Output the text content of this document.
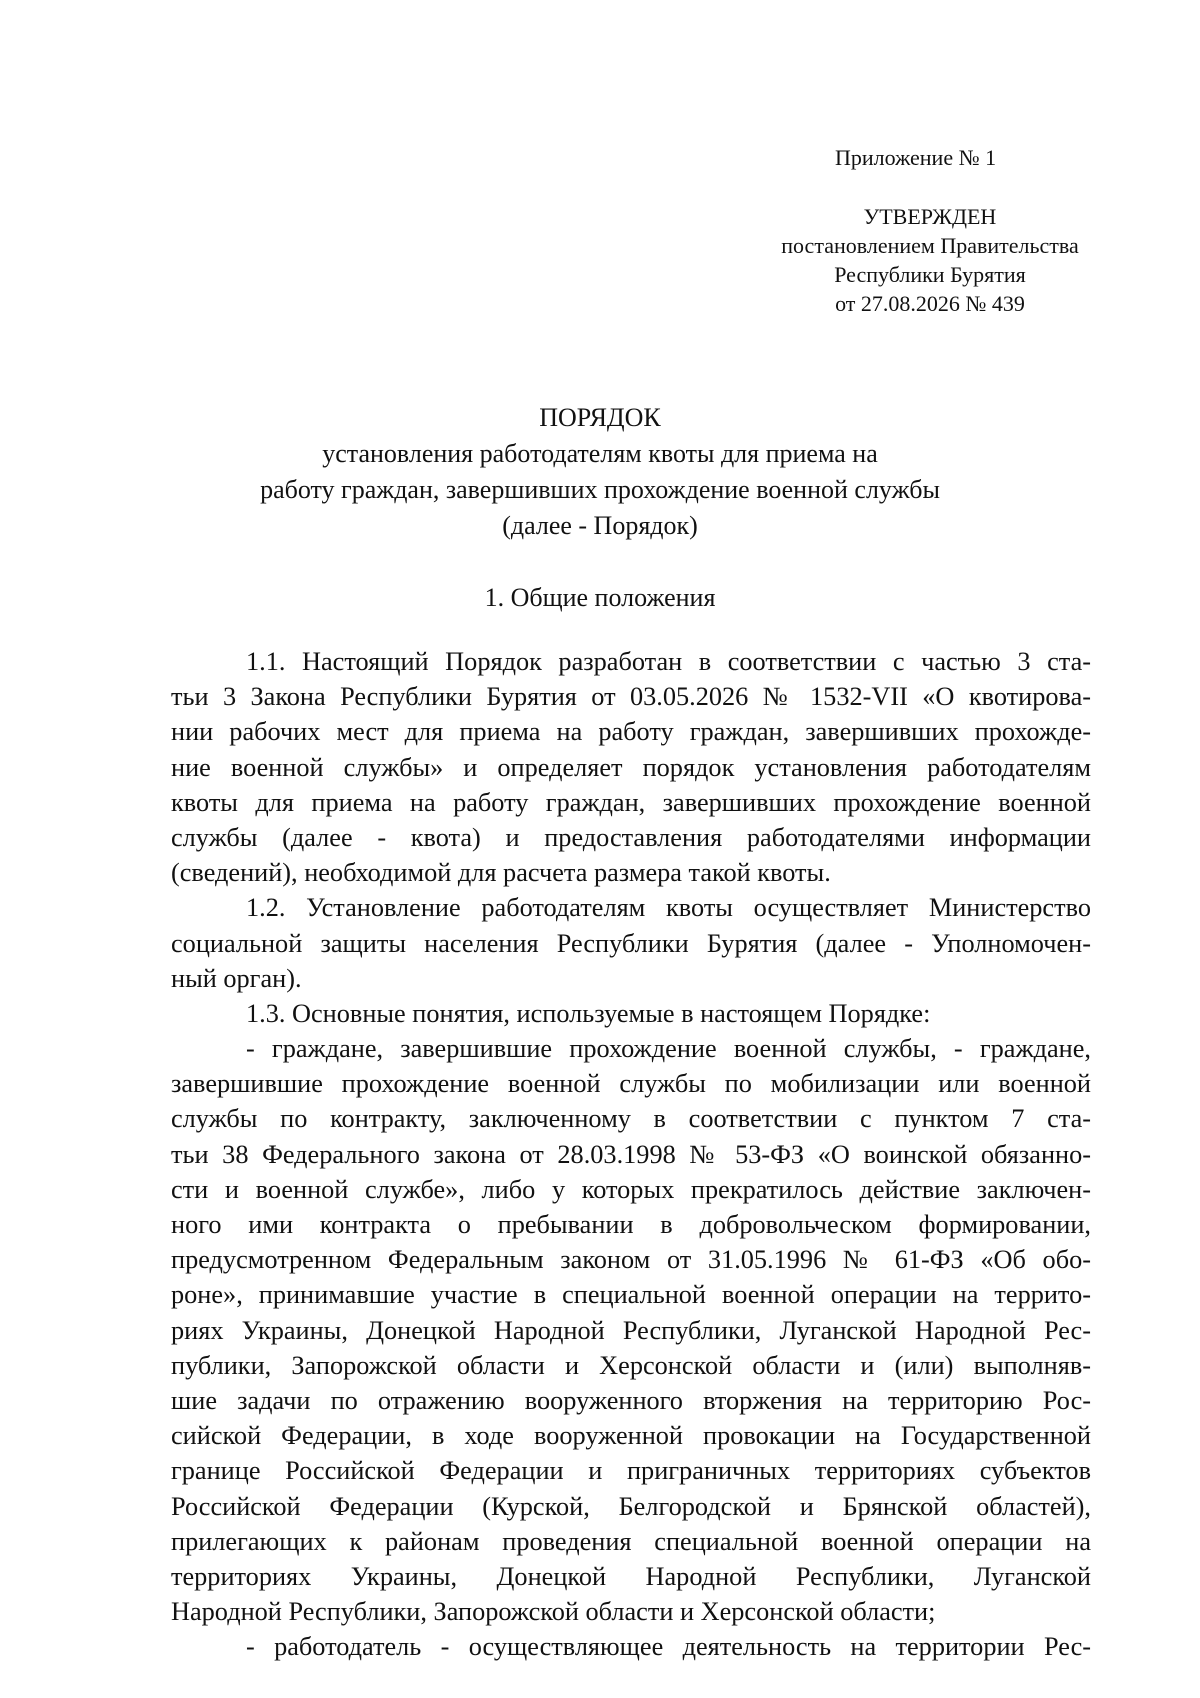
Приложение № 1
УТВЕРЖДЕН
постановлением Правительства
Республики Бурятия
от 27.08.2026 № 439
ПОРЯДОК
установления работодателям квоты для приема на
работу граждан, завершивших прохождение военной службы
(далее - Порядок)
1. Общие положения
1.1. Настоящий Порядок разработан в соответствии с частью 3 ста-
тьи 3 Закона Республики Бурятия от 03.05.2026 № 1532-VII «О квотирова-
нии рабочих мест для приема на работу граждан, завершивших прохожде-
ние военной службы» и определяет порядок установления работодателям
квоты для приема на работу граждан, завершивших прохождение военной
службы (далее - квота) и предоставления работодателями информации
(сведений), необходимой для расчета размера такой квоты.
1.2. Установление работодателям квоты осуществляет Министерство
социальной защиты населения Республики Бурятия (далее - Уполномочен-
ный орган).
1.3. Основные понятия, используемые в настоящем Порядке:
- граждане, завершившие прохождение военной службы, - граждане,
завершившие прохождение военной службы по мобилизации или военной
службы по контракту, заключенному в соответствии с пунктом 7 ста-
тьи 38 Федерального закона от 28.03.1998 № 53-ФЗ «О воинской обязанно-
сти и военной службе», либо у которых прекратилось действие заключен-
ного ими контракта о пребывании в добровольческом формировании,
предусмотренном Федеральным законом от 31.05.1996 № 61-ФЗ «Об обо-
роне», принимавшие участие в специальной военной операции на террито-
риях Украины, Донецкой Народной Республики, Луганской Народной Рес-
публики, Запорожской области и Херсонской области и (или) выполняв-
шие задачи по отражению вооруженного вторжения на территорию Рос-
сийской Федерации, в ходе вооруженной провокации на Государственной
границе Российской Федерации и приграничных территориях субъектов
Российской Федерации (Курской, Белгородской и Брянской областей),
прилегающих к районам проведения специальной военной операции на
территориях Украины, Донецкой Народной Республики, Луганской
Народной Республики, Запорожской области и Херсонской области;
- работодатель - осуществляющее деятельность на территории Рес-
